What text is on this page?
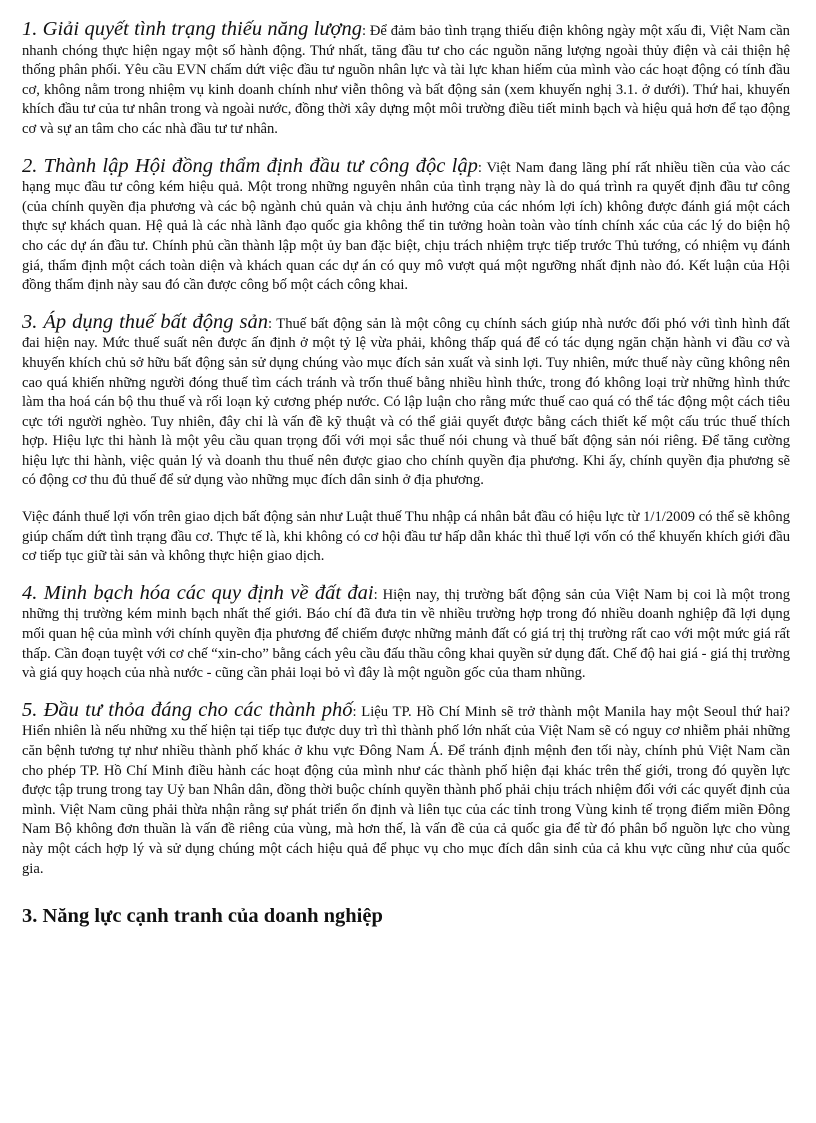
1. Giải quyết tình trạng thiếu năng lượng: Để đảm bảo tình trạng thiếu điện không ngày một xấu đi, Việt Nam cần nhanh chóng thực hiện ngay một số hành động. Thứ nhất, tăng đầu tư cho các nguồn năng lượng ngoài thủy điện và cải thiện hệ thống phân phối. Yêu cầu EVN chấm dứt việc đầu tư nguồn nhân lực và tài lực khan hiếm của mình vào các hoạt động có tính đầu cơ, không nằm trong nhiệm vụ kinh doanh chính như viễn thông và bất động sản (xem khuyến nghị 3.1. ở dưới). Thứ hai, khuyến khích đầu tư của tư nhân trong và ngoài nước, đồng thời xây dựng một môi trường điều tiết minh bạch và hiệu quả hơn để tạo động cơ và sự an tâm cho các nhà đầu tư tư nhân.

2. Thành lập Hội đồng thẩm định đầu tư công độc lập: Việt Nam đang lãng phí rất nhiều tiền của vào các hạng mục đầu tư công kém hiệu quả. Một trong những nguyên nhân của tình trạng này là do quá trình ra quyết định đầu tư công (của chính quyền địa phương và các bộ ngành chủ quản và chịu ảnh hưởng của các nhóm lợi ích) không được đánh giá một cách thực sự khách quan. Hệ quả là các nhà lãnh đạo quốc gia không thể tin tưởng hoàn toàn vào tính chính xác của các lý do biện hộ cho các dự án đầu tư. Chính phủ cần thành lập một ủy ban đặc biệt, chịu trách nhiệm trực tiếp trước Thủ tướng, có nhiệm vụ đánh giá, thẩm định một cách toàn diện và khách quan các dự án có quy mô vượt quá một ngưỡng nhất định nào đó. Kết luận của Hội đồng thẩm định này sau đó cần được công bố một cách công khai.

3. Áp dụng thuế bất động sản: Thuế bất động sản là một công cụ chính sách giúp nhà nước đối phó với tình hình đất đai hiện nay. Mức thuế suất nên được ấn định ở một tỷ lệ vừa phải, không thấp quá để có tác dụng ngăn chặn hành vi đầu cơ và khuyến khích chủ sở hữu bất động sản sử dụng chúng vào mục đích sản xuất và sinh lợi. Tuy nhiên, mức thuế này cũng không nên cao quá khiến những người đóng thuế tìm cách tránh và trốn thuế bằng nhiều hình thức, trong đó không loại trừ những hình thức làm tha hoá cán bộ thu thuế và rối loạn kỷ cương phép nước. Có lập luận cho rằng mức thuế cao quá có thể tác động một cách tiêu cực tới người nghèo. Tuy nhiên, đây chỉ là vấn đề kỹ thuật và có thể giải quyết được bằng cách thiết kế một cấu trúc thuế thích hợp. Hiệu lực thi hành là một yêu cầu quan trọng đối với mọi sắc thuế nói chung và thuế bất động sản nói riêng. Để tăng cường hiệu lực thi hành, việc quản lý và doanh thu thuế nên được giao cho chính quyền địa phương. Khi ấy, chính quyền địa phương sẽ có động cơ thu đủ thuế để sử dụng vào những mục đích dân sinh ở địa phương.

Việc đánh thuế lợi vốn trên giao dịch bất động sản như Luật thuế Thu nhập cá nhân bắt đầu có hiệu lực từ 1/1/2009 có thể sẽ không giúp chấm dứt tình trạng đầu cơ. Thực tế là, khi không có cơ hội đầu tư hấp dẫn khác thì thuế lợi vốn có thể khuyến khích giới đầu cơ tiếp tục giữ tài sản và không thực hiện giao dịch.

4. Minh bạch hóa các quy định về đất đai: Hiện nay, thị trường bất động sản của Việt Nam bị coi là một trong những thị trường kém minh bạch nhất thế giới. Báo chí đã đưa tin về nhiều trường hợp trong đó nhiều doanh nghiệp đã lợi dụng mối quan hệ của mình với chính quyền địa phương để chiếm được những mảnh đất có giá trị thị trường rất cao với một mức giá rất thấp. Cần đoạn tuyệt với cơ chế “xin-cho” bằng cách yêu cầu đấu thầu công khai quyền sử dụng đất. Chế độ hai giá - giá thị trường và giá quy hoạch của nhà nước - cũng cần phải loại bỏ vì đây là một nguồn gốc của tham nhũng.

5. Đầu tư thỏa đáng cho các thành phố: Liệu TP. Hồ Chí Minh sẽ trở thành một Manila hay một Seoul thứ hai? Hiển nhiên là nếu những xu thế hiện tại tiếp tục được duy trì thì thành phố lớn nhất của Việt Nam sẽ có nguy cơ nhiễm phải những căn bệnh tương tự như nhiều thành phố khác ở khu vực Đông Nam Á. Để tránh định mệnh đen tối này, chính phủ Việt Nam cần cho phép TP. Hồ Chí Minh điều hành các hoạt động của mình như các thành phố hiện đại khác trên thế giới, trong đó quyền lực được tập trung trong tay Uỷ ban Nhân dân, đồng thời buộc chính quyền thành phố phải chịu trách nhiệm đối với các quyết định của mình. Việt Nam cũng phải thừa nhận rằng sự phát triển ổn định và liên tục của các tỉnh trong Vùng kinh tế trọng điểm miền Đông Nam Bộ không đơn thuần là vấn đề riêng của vùng, mà hơn thế, là vấn đề của cả quốc gia để từ đó phân bổ nguồn lực cho vùng này một cách hợp lý và sử dụng chúng một cách hiệu quả để phục vụ cho mục đích dân sinh của cả khu vực cũng như của quốc gia.

3. Năng lực cạnh tranh của doanh nghiệp
